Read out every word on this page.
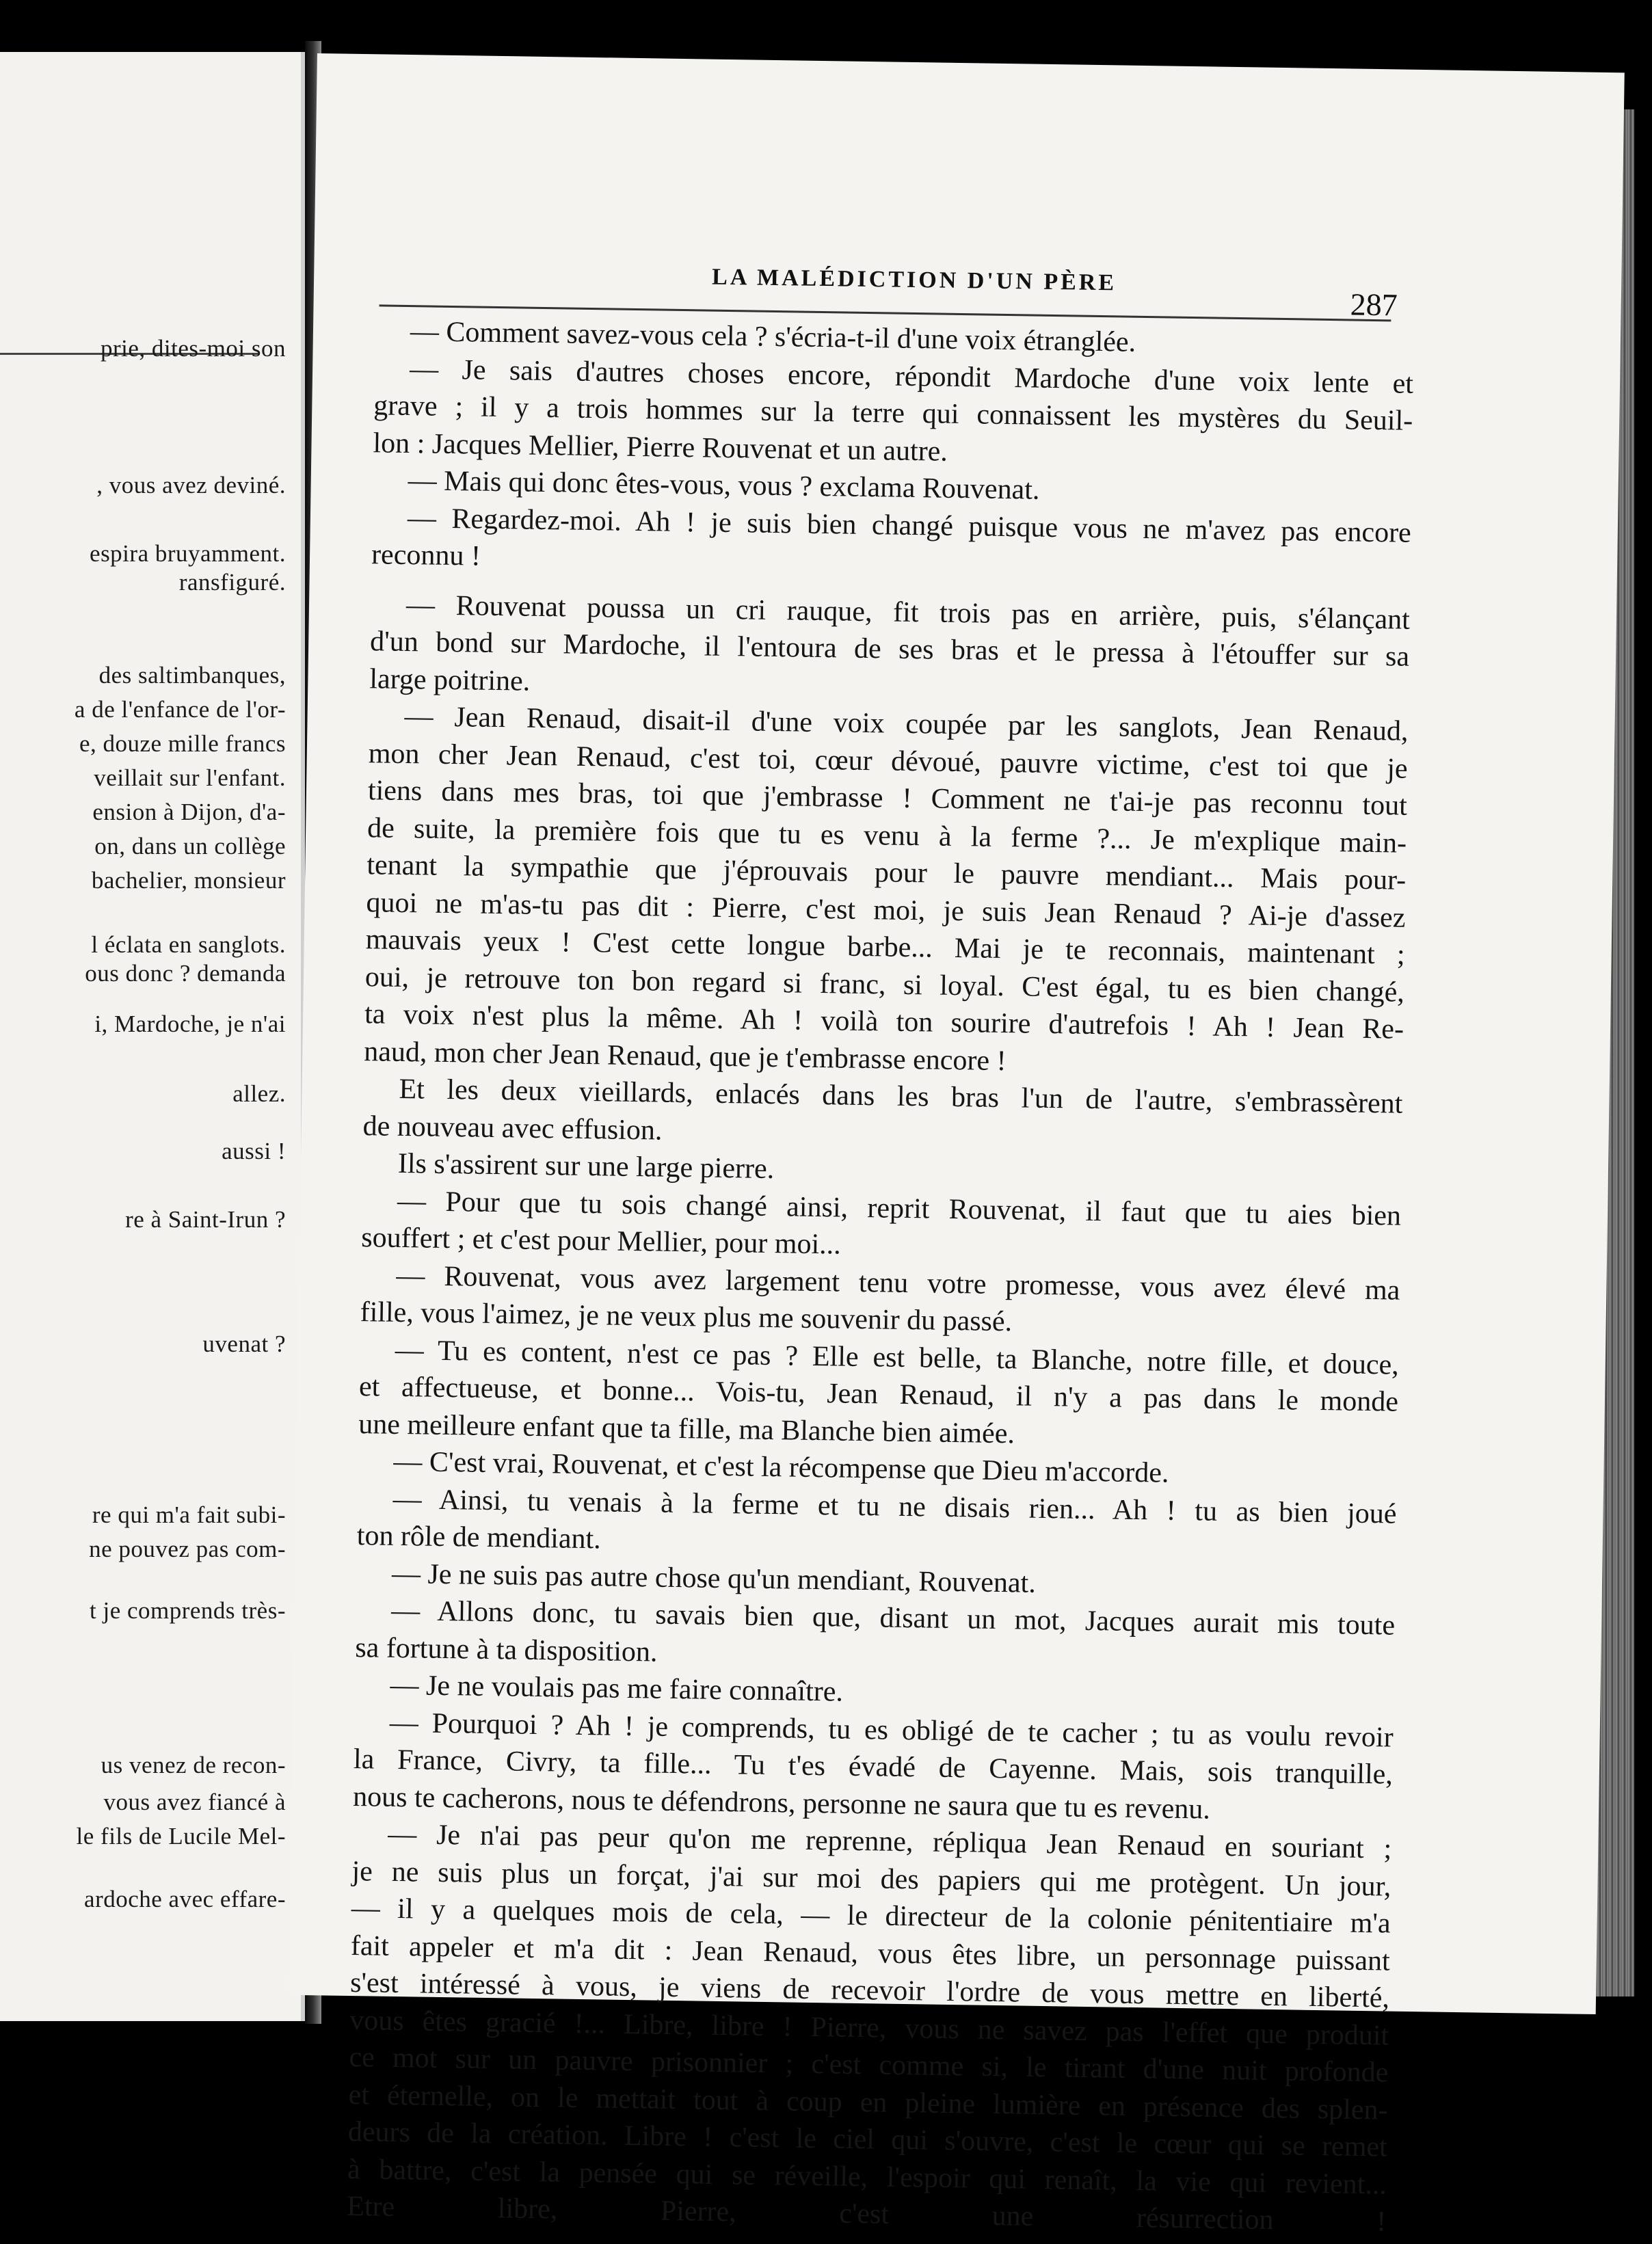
prie, dites-moi son
, vous avez deviné.
espira bruyamment.
ransfiguré.
des saltimbanques,
a de l'enfance de l'or-
e, douze mille francs
veillait sur l'enfant.
ension à Dijon, d'a-
on, dans un collège
bachelier, monsieur
l éclata en sanglots.
ous donc ? demanda
i, Mardoche, je n'ai
allez.
aussi !
re à Saint-Irun ?
uvenat ?
re qui m'a fait subi-
ne pouvez pas com-
t je comprends très-
us venez de recon-
vous avez fiancé à
le fils de Lucile Mel-
ardoche avec effare-
LA MALÉDICTION D'UN PÈRE
287
— Comment savez-vous cela ? s'écria-t-il d'une voix étranglée.
— Je sais d'autres choses encore, répondit Mardoche d'une voix lente et
grave ; il y a trois hommes sur la terre qui connaissent les mystères du Seuil-
lon : Jacques Mellier, Pierre Rouvenat et un autre.
— Mais qui donc êtes-vous, vous ? exclama Rouvenat.
— Regardez-moi. Ah ! je suis bien changé puisque vous ne m'avez pas encore
reconnu !
— Rouvenat poussa un cri rauque, fit trois pas en arrière, puis, s'élançant
d'un bond sur Mardoche, il l'entoura de ses bras et le pressa à l'étouffer sur sa
large poitrine.
— Jean Renaud, disait-il d'une voix coupée par les sanglots, Jean Renaud,
mon cher Jean Renaud, c'est toi, cœur dévoué, pauvre victime, c'est toi que je
tiens dans mes bras, toi que j'embrasse ! Comment ne t'ai-je pas reconnu tout
de suite, la première fois que tu es venu à la ferme ?... Je m'explique main-
tenant la sympathie que j'éprouvais pour le pauvre mendiant... Mais pour-
quoi ne m'as-tu pas dit : Pierre, c'est moi, je suis Jean Renaud ? Ai-je d'assez
mauvais yeux ! C'est cette longue barbe... Mai je te reconnais, maintenant ;
oui, je retrouve ton bon regard si franc, si loyal. C'est égal, tu es bien changé,
ta voix n'est plus la même. Ah ! voilà ton sourire d'autrefois ! Ah ! Jean Re-
naud, mon cher Jean Renaud, que je t'embrasse encore !
Et les deux vieillards, enlacés dans les bras l'un de l'autre, s'embrassèrent
de nouveau avec effusion.
Ils s'assirent sur une large pierre.
— Pour que tu sois changé ainsi, reprit Rouvenat, il faut que tu aies bien
souffert ; et c'est pour Mellier, pour moi...
— Rouvenat, vous avez largement tenu votre promesse, vous avez élevé ma
fille, vous l'aimez, je ne veux plus me souvenir du passé.
— Tu es content, n'est ce pas ? Elle est belle, ta Blanche, notre fille, et douce,
et affectueuse, et bonne... Vois-tu, Jean Renaud, il n'y a pas dans le monde
une meilleure enfant que ta fille, ma Blanche bien aimée.
— C'est vrai, Rouvenat, et c'est la récompense que Dieu m'accorde.
— Ainsi, tu venais à la ferme et tu ne disais rien... Ah ! tu as bien joué
ton rôle de mendiant.
— Je ne suis pas autre chose qu'un mendiant, Rouvenat.
— Allons donc, tu savais bien que, disant un mot, Jacques aurait mis toute
sa fortune à ta disposition.
— Je ne voulais pas me faire connaître.
— Pourquoi ? Ah ! je comprends, tu es obligé de te cacher ; tu as voulu revoir
la France, Civry, ta fille... Tu t'es évadé de Cayenne. Mais, sois tranquille,
nous te cacherons, nous te défendrons, personne ne saura que tu es revenu.
— Je n'ai pas peur qu'on me reprenne, répliqua Jean Renaud en souriant ;
je ne suis plus un forçat, j'ai sur moi des papiers qui me protègent. Un jour,
— il y a quelques mois de cela, — le directeur de la colonie pénitentiaire m'a
fait appeler et m'a dit : Jean Renaud, vous êtes libre, un personnage puissant
s'est intéressé à vous, je viens de recevoir l'ordre de vous mettre en liberté,
vous êtes gracié !... Libre, libre ! Pierre, vous ne savez pas l'effet que produit
ce mot sur un pauvre prisonnier ; c'est comme si, le tirant d'une nuit profonde
et éternelle, on le mettait tout à coup en pleine lumière en présence des splen-
deurs de la création. Libre ! c'est le ciel qui s'ouvre, c'est le cœur qui se remet
à battre, c'est la pensée qui se réveille, l'espoir qui renaît, la vie qui revient...
Etre libre, Pierre, c'est une résurrection !
